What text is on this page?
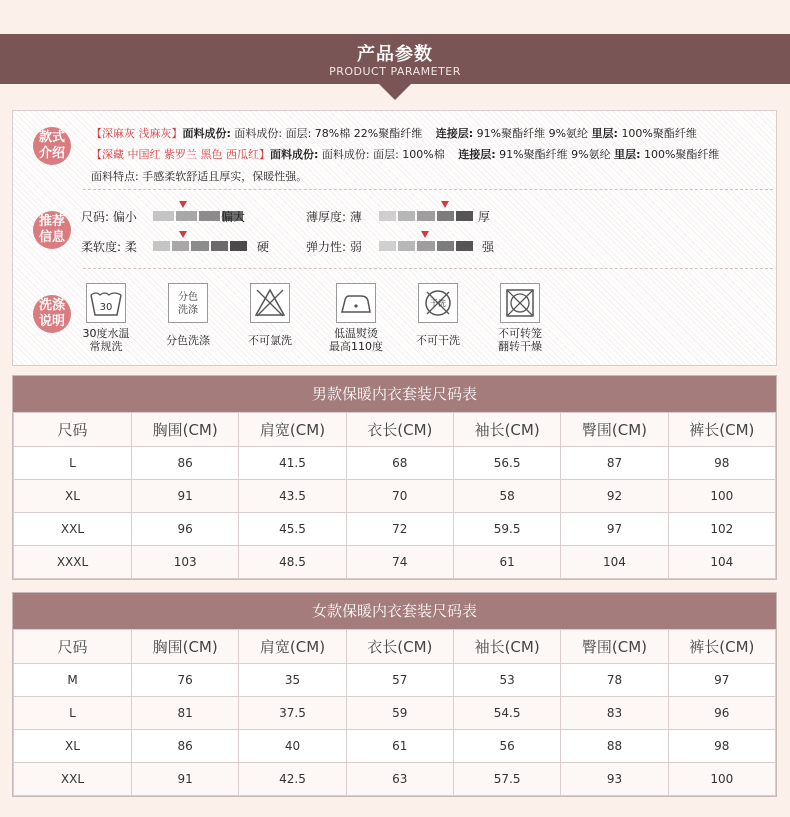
产品参数
PRODUCT PARAMETER
款式
介绍
【深麻灰 浅麻灰】面料成份: 面料成份: 面层: 78%棉 22%聚酯纤维 连接层: 91%聚酯纤维 9%氨纶 里层: 100%聚酯纤维
【深藏 中国红 紫罗兰 黑色 西瓜红】面料成份: 面料成份: 面层: 100%棉 连接层: 91%聚酯纤维 9%氨纶 里层: 100%聚酯纤维
面料特点: 手感柔软舒适且厚实，保暖性强。
推荐
信息
尺码: 偏小	偏大	薄厚度: 薄	厚
柔软度: 柔	硬	弹力性: 弱	强
洗涤
说明
30
30度水温
常规洗
分色
洗涤
分色洗涤	不可氯洗
低温熨烫
最高110度
干洗
不可干洗
不可转笼
翻转干燥
男款保暖内衣套装尺码表
尺码	胸围(CM)	肩宽(CM)	衣长(CM)	袖长(CM)	臀围(CM)	裤长(CM)
L	86	41.5	68	56.5	87	98
XL	91	43.5	70	58	92	100
XXL	96	45.5	72	59.5	97	102
XXXL	103	48.5	74	61	104	104
女款保暖内衣套装尺码表
尺码	胸围(CM)	肩宽(CM)	衣长(CM)	袖长(CM)	臀围(CM)	裤长(CM)
M	76	35	57	53	78	97
L	81	37.5	59	54.5	83	96
XL	86	40	61	56	88	98
XXL	91	42.5	63	57.5	93	100
